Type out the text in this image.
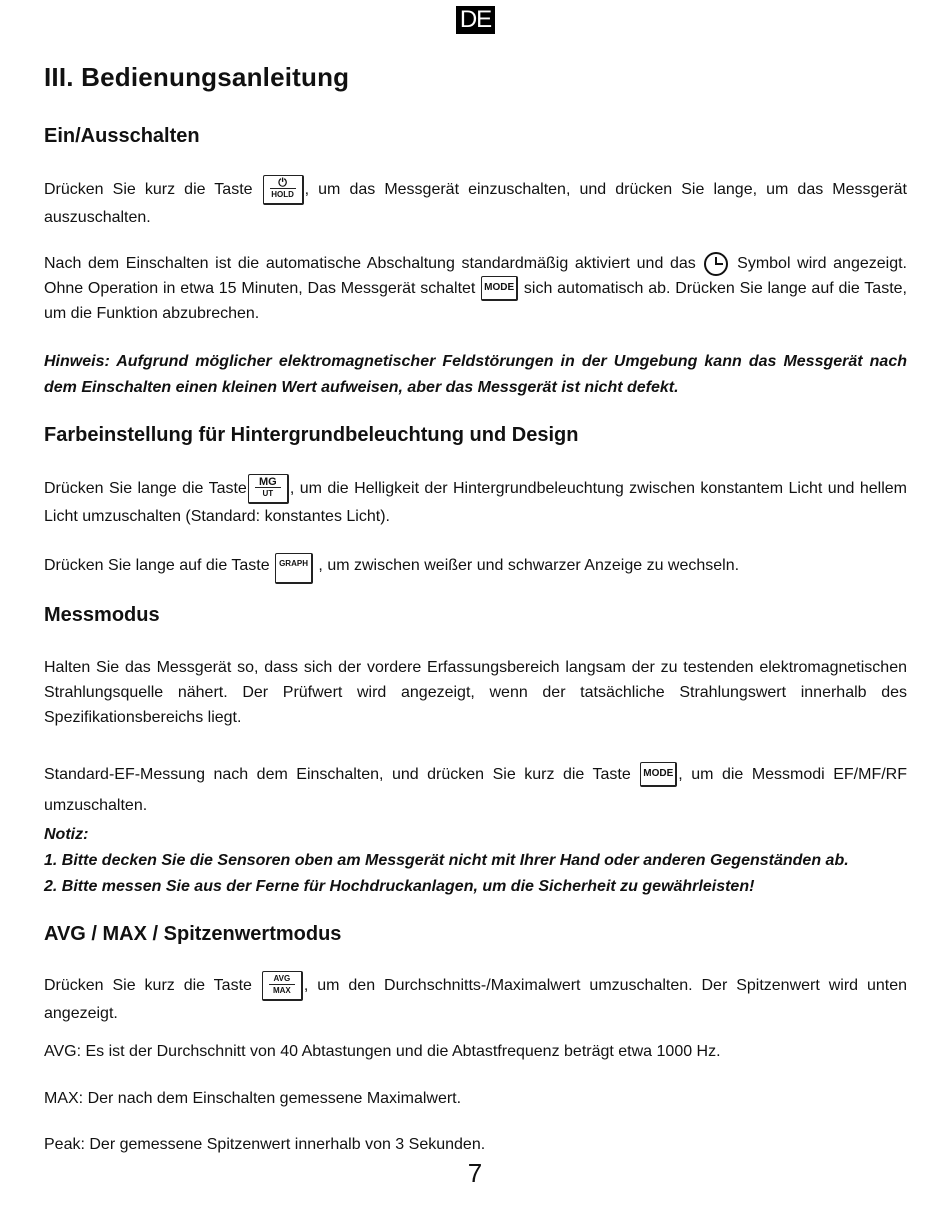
DE
III. Bedienungsanleitung
Ein/Ausschalten

Drücken Sie kurz die Taste	⏻
HOLD , um das Messgerät einzuschalten, und drücken Sie lange, um das Messgerät auszuschalten.

Nach dem Einschalten ist die automatische Abschaltung standardmäßig aktiviert und das	Symbol wird angezeigt. Ohne Operation in etwa 15 Minuten, Das Messgerät schaltet MODE sich automatisch ab. Drücken Sie lange auf die Taste, um die Funktion abzubrechen.

Hinweis: Aufgrund möglicher elektromagnetischer Feldstörungen in der Umgebung kann das Messgerät nach dem Einschalten einen kleinen Wert aufweisen, aber das Messgerät ist nicht defekt.

Farbeinstellung für Hintergrundbeleuchtung und Design

Drücken Sie lange die Taste	MG
UT	, um die Helligkeit der Hintergrundbeleuchtung zwischen konstantem Licht und hellem Licht umzuschalten (Standard: konstantes Licht).

Drücken Sie lange auf die Taste GRAPH , um zwischen weißer und schwarzer Anzeige zu wechseln.

Messmodus

Halten Sie das Messgerät so, dass sich der vordere Erfassungsbereich langsam der zu testenden elektromagnetischen Strahlungsquelle nähert. Der Prüfwert wird angezeigt, wenn der tatsächliche Strahlungswert innerhalb des Spezifikationsbereichs liegt.

Standard-EF-Messung nach dem Einschalten, und drücken Sie kurz die Taste MODE , um die Messmodi EF/MF/RF umzuschalten.

Notiz:
1. Bitte decken Sie die Sensoren oben am Messgerät nicht mit Ihrer Hand oder anderen Gegenständen ab.
2. Bitte messen Sie aus der Ferne für Hochdruckanlagen, um die Sicherheit zu gewährleisten!

AVG / MAX / Spitzenwertmodus

Drücken Sie kurz die Taste	AVG
MAX , um den Durchschnitts-/Maximalwert umzuschalten. Der Spitzenwert wird unten angezeigt.

AVG: Es ist der Durchschnitt von 40 Abtastungen und die Abtastfrequenz beträgt etwa 1000 Hz.

MAX: Der nach dem Einschalten gemessene Maximalwert.

Peak: Der gemessene Spitzenwert innerhalb von 3 Sekunden.

7
